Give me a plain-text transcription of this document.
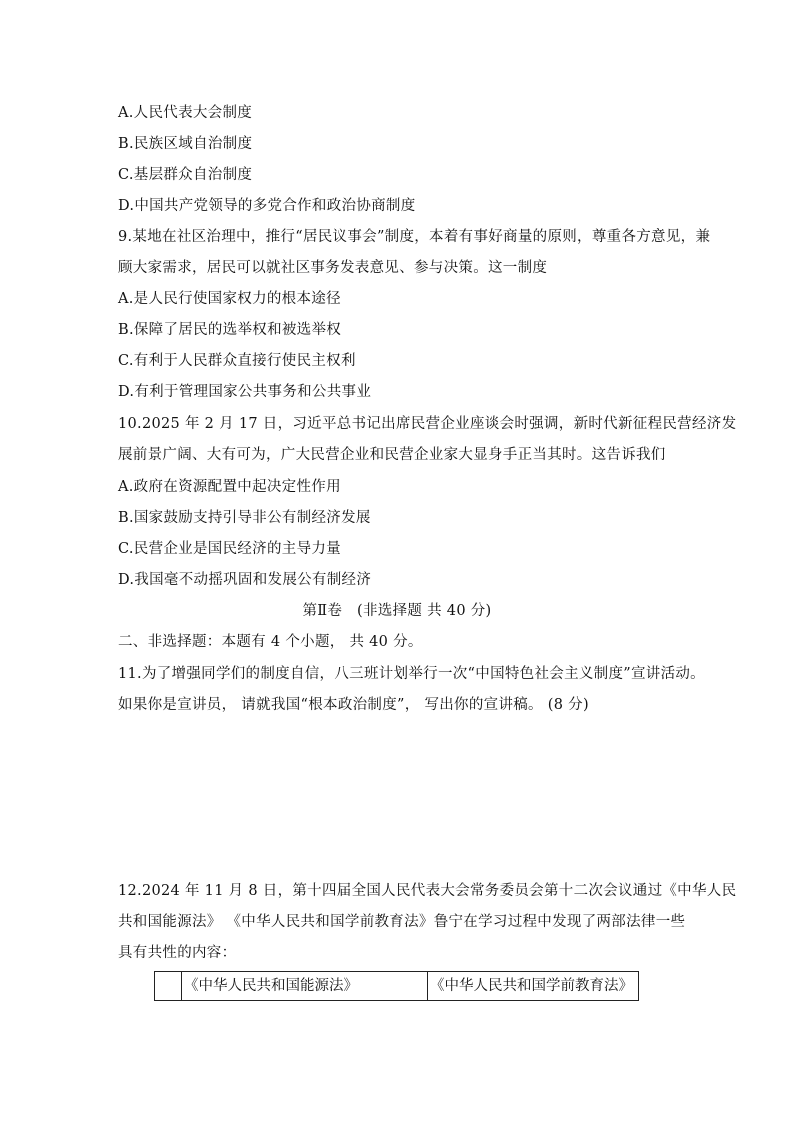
A.人民代表大会制度
B.民族区域自治制度
C.基层群众自治制度
D.中国共产党领导的多党合作和政治协商制度
9.某地在社区治理中，推行“居民议事会”制度，本着有事好商量的原则，尊重各方意见，兼
顾大家需求，居民可以就社区事务发表意见、参与决策。这一制度
A.是人民行使国家权力的根本途径
B.保障了居民的选举权和被选举权
C.有利于人民群众直接行使民主权利
D.有利于管理国家公共事务和公共事业
10.2025 年 2 月 17 日，习近平总书记出席民营企业座谈会时强调，新时代新征程民营经济发
展前景广阔、大有可为，广大民营企业和民营企业家大显身手正当其时。这告诉我们
A.政府在资源配置中起决定性作用
B.国家鼓励支持引导非公有制经济发展
C.民营企业是国民经济的主导力量
D.我国毫不动摇巩固和发展公有制经济
第Ⅱ卷　(非选择题 共 40 分)
二、非选择题：本题有 4 个小题， 共 40 分。
11.为了增强同学们的制度自信，八三班计划举行一次“中国特色社会主义制度”宣讲活动。
如果你是宣讲员， 请就我国“根本政治制度”， 写出你的宣讲稿。 (8 分)
12.2024 年 11 月 8 日，第十四届全国人民代表大会常务委员会第十二次会议通过《中华人民
共和国能源法》 《中华人民共和国学前教育法》鲁宁在学习过程中发现了两部法律一些
具有共性的内容：
《中华人民共和国能源法》	《中华人民共和国学前教育法》
